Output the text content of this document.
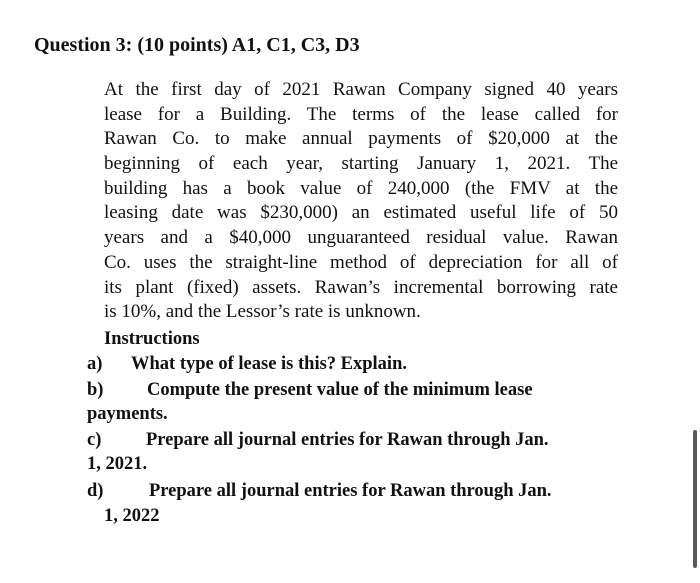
Question 3: (10 points) A1, C1, C3, D3
At the first day of 2021 Rawan Company signed 40 years
lease for a Building. The terms of the lease called for
Rawan Co. to make annual payments of $20,000 at the
beginning of each year, starting January 1, 2021. The
building has a book value of 240,000 (the FMV at the
leasing date was $230,000) an estimated useful life of 50
years and a $40,000 unguaranteed residual value. Rawan
Co. uses the straight-line method of depreciation for all of
its plant (fixed) assets. Rawan’s incremental borrowing rate
is 10%, and the Lessor’s rate is unknown.
Instructions
a) What type of lease is this? Explain.
b) Compute the present value of the minimum lease
payments.
c) Prepare all journal entries for Rawan through Jan.
1, 2021.
d) Prepare all journal entries for Rawan through Jan.
1, 2022
